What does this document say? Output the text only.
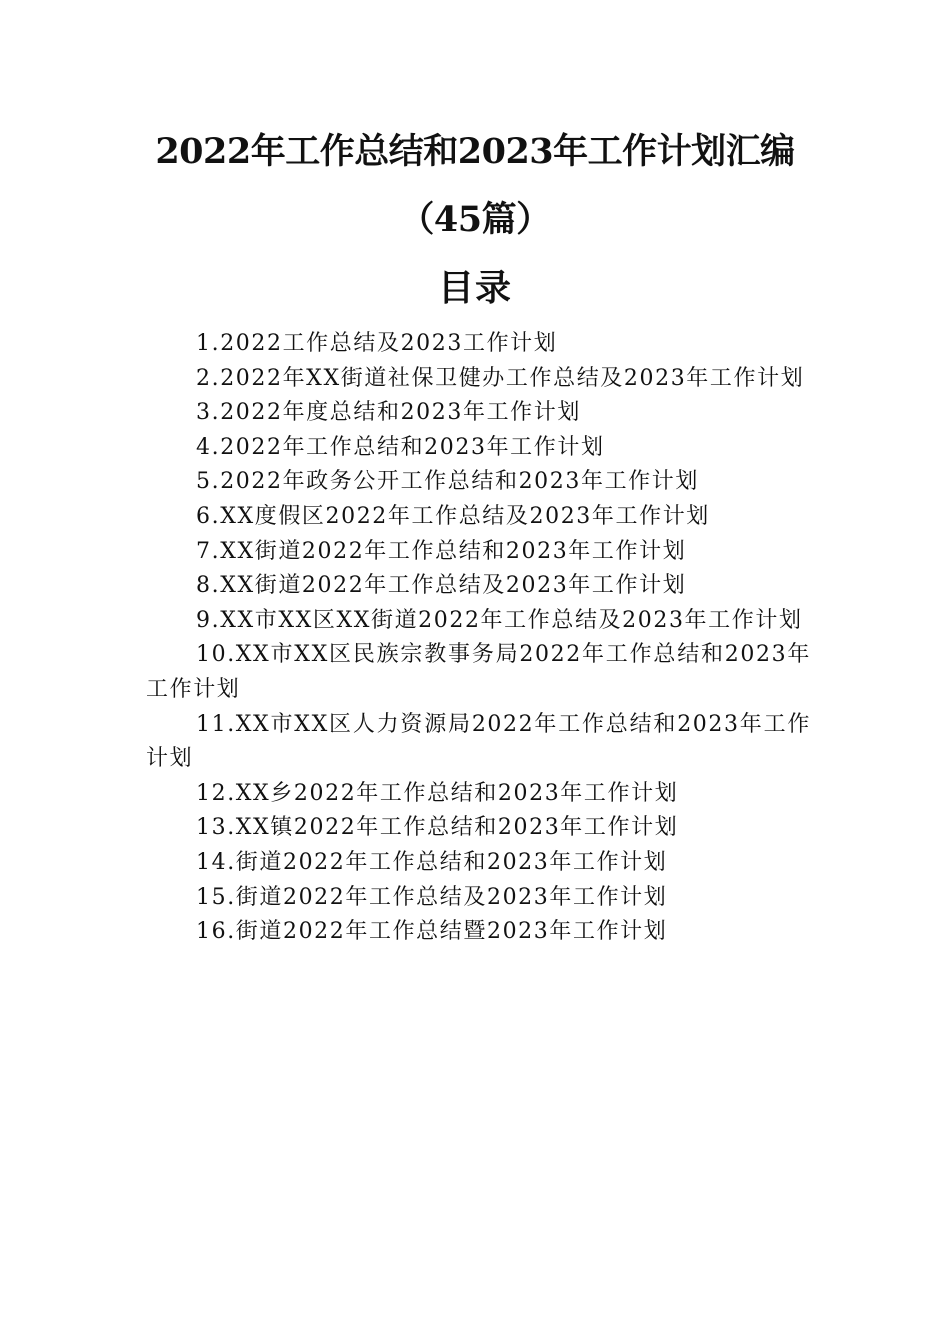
2022年工作总结和2023年工作计划汇编
（45篇）
目录

1.2022工作总结及2023工作计划

2.2022年XX街道社保卫健办工作总结及2023年工作计划

3.2022年度总结和2023年工作计划

4.2022年工作总结和2023年工作计划

5.2022年政务公开工作总结和2023年工作计划

6.XX度假区2022年工作总结及2023年工作计划

7.XX街道2022年工作总结和2023年工作计划

8.XX街道2022年工作总结及2023年工作计划

9.XX市XX区XX街道2022年工作总结及2023年工作计划

10.XX市XX区民族宗教事务局2022年工作总结和2023年工作计划

11.XX市XX区人力资源局2022年工作总结和2023年工作计划

12.XX乡2022年工作总结和2023年工作计划

13.XX镇2022年工作总结和2023年工作计划

14.街道2022年工作总结和2023年工作计划

15.街道2022年工作总结及2023年工作计划

16.街道2022年工作总结暨2023年工作计划
